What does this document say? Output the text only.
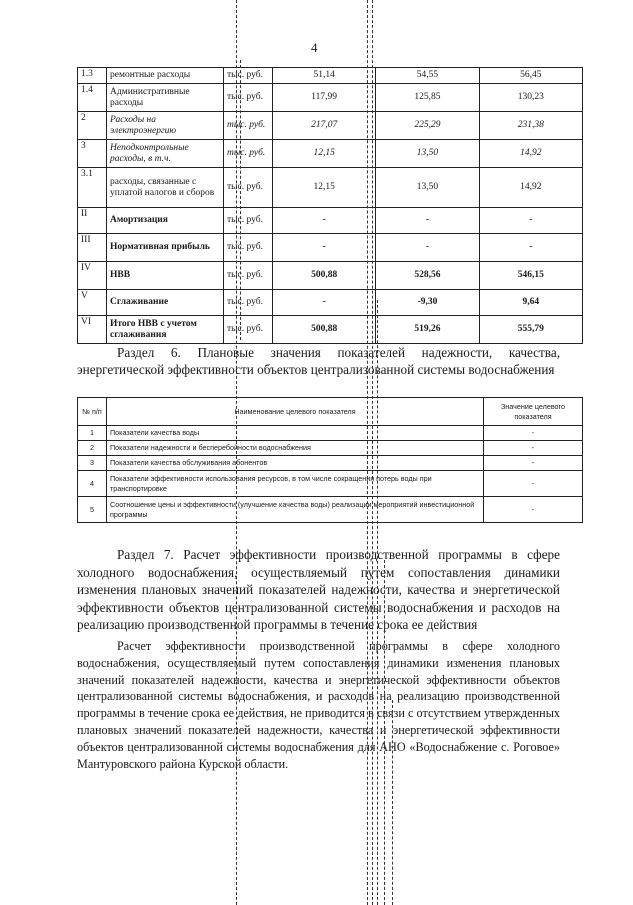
4
1.3	ремонтные расходы	тыс. руб.	51,14	54,55	56,45
1.4	Административные расходы	тыс. руб.	117,99	125,85	130,23
2	Расходы на электроэнергию	тыс. руб.	217,07	225,29	231,38
3	Неподконтрольные расходы, в т.ч.	тыс. руб.	12,15	13,50	14,92
3.1	расходы, связанные с уплатой налогов и сборов	тыс. руб.	12,15	13,50	14,92
II	Амортизация	тыс. руб.	-	-	-
III	Нормативная прибыль	тыс. руб.	-	-	-
IV	НВВ	тыс. руб.	500,88	528,56	546,15
V	Сглаживание	тыс. руб.	-	-9,30	9,64
VI	Итого НВВ с учетом сглаживания	тыс. руб.	500,88	519,26	555,79
Раздел 6. Плановые значения показателей надежности, качества,
энергетической эффективности объектов централизованной системы водоснабжения
№ п/п	Наименование целевого показателя	Значение целевого показателя
1	Показатели качества воды	-
2	Показатели надежности и бесперебойности водоснабжения	-
3	Показатели качества обслуживания абонентов	-
4	Показатели эффективности использования ресурсов, в том числе сокращения потерь воды при транспортировке	-
5	Соотношение цены и эффективности (улучшение качества воды) реализации мероприятий инвестиционной программы	-

Раздел 7. Расчет эффективности производственной программы в сфере холодного водоснабжения, осуществляемый путем сопоставления динамики изменения плановых значений показателей надежности, качества и энергетической эффективности объектов централизованной системы водоснабжения и расходов на реализацию производственной программы в течение срока ее действия

Расчет эффективности производственной программы в сфере холодного водоснабжения, осуществляемый путем сопоставления динамики изменения плановых значений показателей надежности, качества и энергетической эффективности объектов централизованной системы водоснабжения, и расходов на реализацию производственной программы в течение срока ее действия, не приводится в связи с отсутствием утвержденных плановых значений показателей надежности, качества и энергетической эффективности объектов централизованной системы водоснабжения для АНО «Водоснабжение с. Роговое» Мантуровского района Курской области.
